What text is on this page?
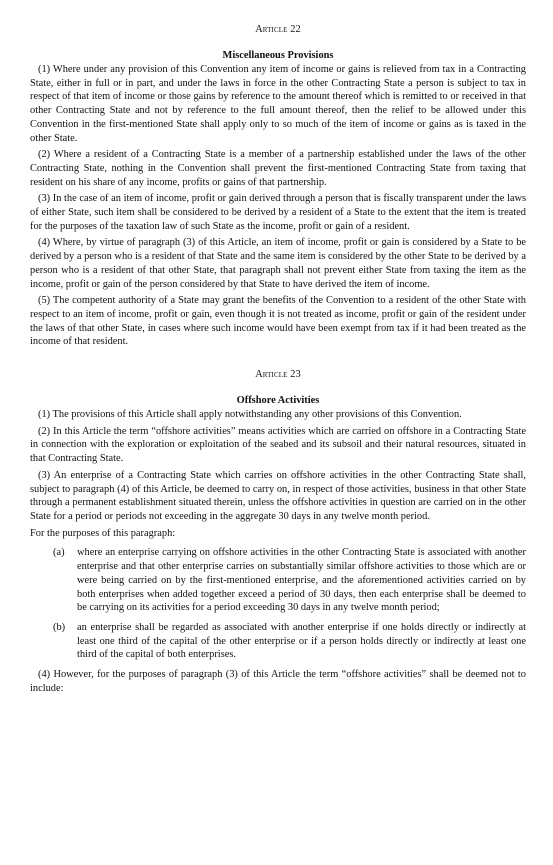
Article 22
Miscellaneous Provisions

(1) Where under any provision of this Convention any item of income or gains is relieved from tax in a Contracting State, either in full or in part, and under the laws in force in the other Contracting State a person is subject to tax in respect of that item of income or those gains by reference to the amount thereof which is remitted to or received in that other Contracting State and not by reference to the full amount thereof, then the relief to be allowed under this Convention in the first-mentioned State shall apply only to so much of the item of income or gains as is taxed in the other State.

(2) Where a resident of a Contracting State is a member of a partnership established under the laws of the other Contracting State, nothing in the Convention shall prevent the first-mentioned Contracting State from taxing that resident on his share of any income, profits or gains of that partnership.

(3) In the case of an item of income, profit or gain derived through a person that is fiscally transparent under the laws of either State, such item shall be considered to be derived by a resident of a State to the extent that the item is treated for the purposes of the taxation law of such State as the income, profit or gain of a resident.

(4) Where, by virtue of paragraph (3) of this Article, an item of income, profit or gain is considered by a State to be derived by a person who is a resident of that State and the same item is considered by the other State to be derived by a person who is a resident of that other State, that paragraph shall not prevent either State from taxing the item as the income, profit or gain of the person considered by that State to have derived the item of income.

(5) The competent authority of a State may grant the benefits of the Convention to a resident of the other State with respect to an item of income, profit or gain, even though it is not treated as income, profit or gain of the resident under the laws of that other State, in cases where such income would have been exempt from tax if it had been treated as the income of that resident.

Article 23
Offshore Activities

(1) The provisions of this Article shall apply notwithstanding any other provisions of this Convention.

(2) In this Article the term “offshore activities” means activities which are carried on offshore in a Contracting State in connection with the exploration or exploitation of the seabed and its subsoil and their natural resources, situated in that Contracting State.

(3) An enterprise of a Contracting State which carries on offshore activities in the other Contracting State shall, subject to paragraph (4) of this Article, be deemed to carry on, in respect of those activities, business in that other State through a permanent establishment situated therein, unless the offshore activities in question are carried on in the other State for a period or periods not exceeding in the aggregate 30 days in any twelve month period.

For the purposes of this paragraph:

(a) where an enterprise carrying on offshore activities in the other Contracting State is associated with another enterprise and that other enterprise carries on substantially similar offshore activities to those which are or were being carried on by the first-mentioned enterprise, and the aforementioned activities carried on by both enterprises when added together exceed a period of 30 days, then each enterprise shall be deemed to be carrying on its activities for a period exceeding 30 days in any twelve month period;
(b) an enterprise shall be regarded as associated with another enterprise if one holds directly or indirectly at least one third of the capital of the other enterprise or if a person holds directly or indirectly at least one third of the capital of both enterprises.

(4) However, for the purposes of paragraph (3) of this Article the term “offshore activities” shall be deemed not to include:
